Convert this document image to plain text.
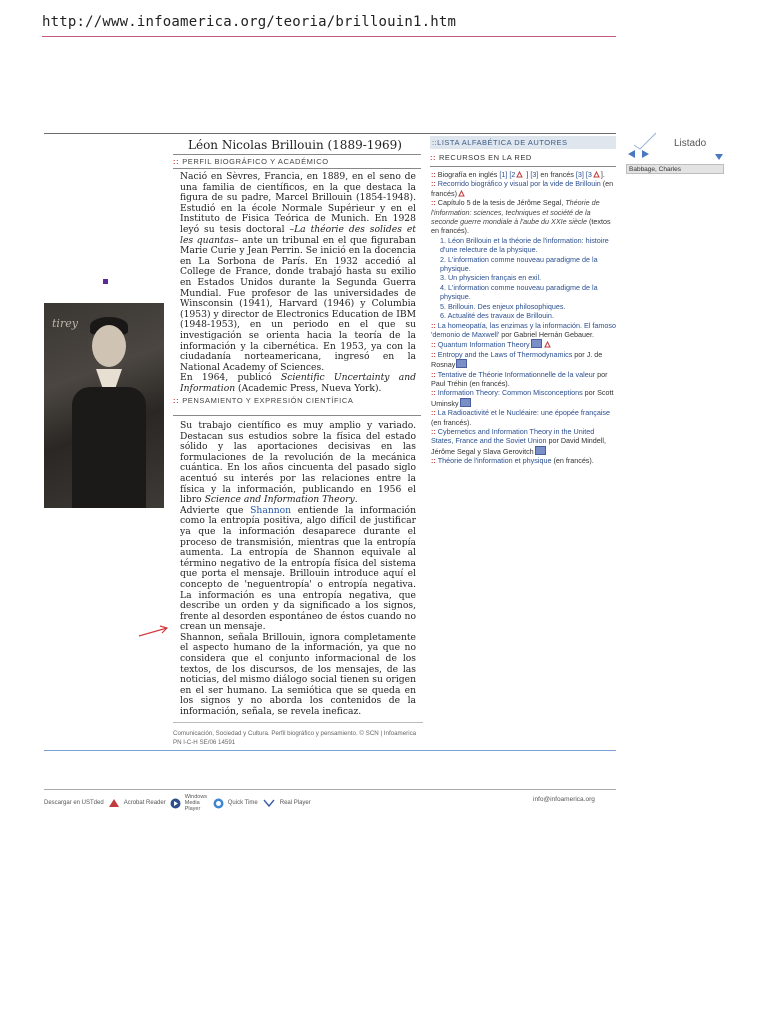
http://www.infoamerica.org/teoria/brillouin1.htm
tirey
Léon Nicolas Brillouin (1889-1969)
:: PERFIL BIOGRÁFICO Y ACADÉMICO

Nació en Sèvres, Francia, en 1889, en el seno de una familia de científicos, en la que destaca la figura de su padre, Marcel Brillouin (1854-1948). Estudió en la école Normale Supérieur y en el Instituto de Fisica Teórica de Munich. En 1928 leyó su tesis doctoral –La théorie des solides et les quantas– ante un tribunal en el que figuraban Marie Curie y Jean Perrin. Se inició en la docencia en La Sorbona de París. En 1932 accedió al College de France, donde trabajó hasta su exilio en Estados Unidos durante la Segunda Guerra Mundial. Fue profesor de las universidades de Winsconsin (1941), Harvard (1946) y Columbia (1953) y director de Electronics Education de IBM (1948-1953), en un periodo en el que su investigación se orienta hacia la teoría de la información y la cibernética. En 1953, ya con la ciudadanía norteamericana, ingresó en la National Academy of Sciences.

En 1964, publicó Scientific Uncertainty and Information (Academic Press, Nueva York).

:: PENSAMIENTO Y EXPRESIÓN CIENTÍFICA

Su trabajo científico es muy amplio y variado. Destacan sus estudios sobre la física del estado sólido y las aportaciones decisivas en las formulaciones de la revolución de la mecánica cuántica. En los años cincuenta del pasado siglo acentuó su interés por las relaciones entre la física y la información, publicando en 1956 el libro Science and Information Theory.

Advierte que Shannon entiende la información como la entropía positiva, algo difícil de justificar ya que la información desaparece durante el proceso de transmisión, mientras que la entropía aumenta. La entropía de Shannon equivale al término negativo de la entropía física del sistema que porta el mensaje. Brillouin introduce aquí el concepto de 'neguentropía' o entropía negativa. La información es una entropía negativa, que describe un orden y da significado a los signos, frente al desorden espontáneo de éstos cuando no crean un mensaje.

Shannon, señala Brillouin, ignora completamente el aspecto humano de la información, ya que no considera que el conjunto informacional de los textos, de los discursos, de los mensajes, de las noticias, del mismo diálogo social tienen su origen en el ser humano. La semiótica que se queda en los signos y no aborda los contenidos de la información, señala, se revela ineficaz.

Comunicación, Sociedad y Cultura. Perfil biográfico y pensamiento. © SCN | Infoamerica PN l-C-H SE/06 14591
::LISTA ALFABÉTICA DE AUTORES
:: RECURSOS EN LA RED
:: Biografía en inglés [1] [2 ] [3] en francés [3] [3 ].
:: Recorrido biográfico y visual por la vide de Brillouin (en francés)
:: Capítulo 5 de la tesis de Jérôme Segal, Théorie de l'information: sciences, techniques et société de la seconde guerre mondiale à l'aube du XXIe siècle (textos en francés).
1. Léon Brillouin et la théorie de l'information: histoire d'une relecture de la physique.
2. L'information comme nouveau paradigme de la physique.
3. Un physicien français en exil.
4. L'information comme nouveau paradigme de la physique.
5. Brillouin. Des enjeux philosophiques.
6. Actualité des travaux de Brillouin.
:: La homeopatía, las enzimas y la información. El famoso 'demonio de Maxwell' por Gabriel Hernán Gebauer.
:: Quantum Information Theory
:: Entropy and the Laws of Thermodynamics por J. de Rosnay
:: Tentative de Théorie Informationnelle de la valeur por Paul Tréhin (en francés).
:: Information Theory: Common Misconceptions por Scott Uminsky
:: La Radioactivité et le Nucléaire: une épopée française (en francés).
:: Cybernetics and Information Theory in the United States, France and the Soviet Union por David Mindell, Jérôme Segal y Slava Gerovitch
:: Théorie de l'information et physique (en francés).
Listado
Babbage, Charles
Descargar en USTded	Acrobat Reader
Windows Media Player
Quick Time	Real Player	info@infoamerica.org
